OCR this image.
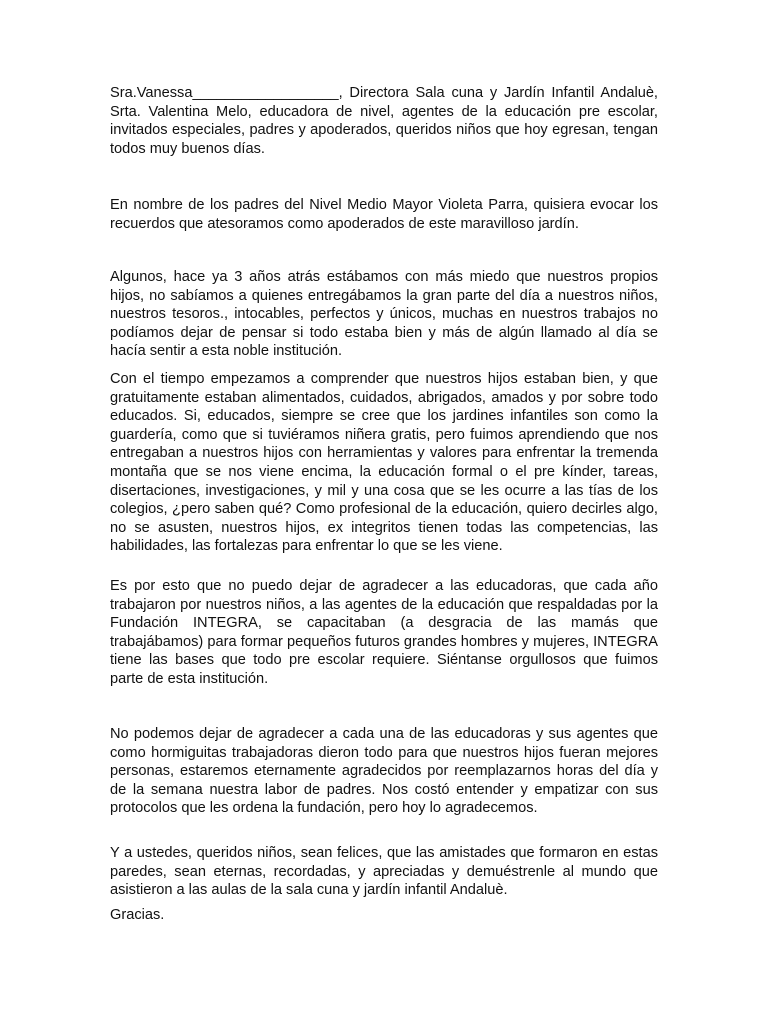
Sra.Vanessa__________________, Directora Sala cuna y Jardín Infantil Andaluè, Srta. Valentina Melo, educadora de nivel, agentes de la educación pre escolar, invitados especiales, padres y apoderados, queridos niños que hoy egresan, tengan todos muy buenos días.

En nombre de los padres del Nivel Medio Mayor Violeta Parra, quisiera evocar los recuerdos que atesoramos como apoderados de este maravilloso jardín.

Algunos, hace ya 3 años atrás estábamos con más miedo que nuestros propios hijos, no sabíamos a quienes entregábamos la gran parte del día a nuestros niños, nuestros tesoros., intocables, perfectos y únicos, muchas en nuestros trabajos no podíamos dejar de pensar si todo estaba bien y más de algún llamado al día se hacía sentir a esta noble institución.

Con el tiempo empezamos a comprender que nuestros hijos estaban bien, y que gratuitamente estaban alimentados, cuidados, abrigados, amados y por sobre todo educados. Si, educados, siempre se cree que los jardines infantiles son como la guardería, como que si tuviéramos niñera gratis, pero fuimos aprendiendo que nos entregaban a nuestros hijos con herramientas y valores para enfrentar la tremenda montaña que se nos viene encima, la educación formal o el pre kínder, tareas, disertaciones, investigaciones, y mil y una cosa que se les ocurre a las tías de los colegios, ¿pero saben qué? Como profesional de la educación, quiero decirles algo, no se asusten, nuestros hijos, ex integritos tienen todas las competencias, las habilidades, las fortalezas para enfrentar lo que se les viene.

Es por esto que no puedo dejar de agradecer a las educadoras, que cada año trabajaron por nuestros niños, a las agentes de la educación que respaldadas por la Fundación INTEGRA, se capacitaban (a desgracia de las mamás que trabajábamos) para formar pequeños futuros grandes hombres y mujeres, INTEGRA tiene las bases que todo pre escolar requiere. Siéntanse orgullosos que fuimos parte de esta institución.

No podemos dejar de agradecer a cada una de las educadoras y sus agentes que como hormiguitas trabajadoras dieron todo para que nuestros hijos fueran mejores personas, estaremos eternamente agradecidos por reemplazarnos horas del día y de la semana nuestra labor de padres. Nos costó entender y empatizar con sus protocolos que les ordena la fundación, pero hoy lo agradecemos.

Y a ustedes, queridos niños, sean felices, que las amistades que formaron en estas paredes, sean eternas, recordadas, y apreciadas y demuéstrenle al mundo que asistieron a las aulas de la sala cuna y jardín infantil Andaluè.

Gracias.
